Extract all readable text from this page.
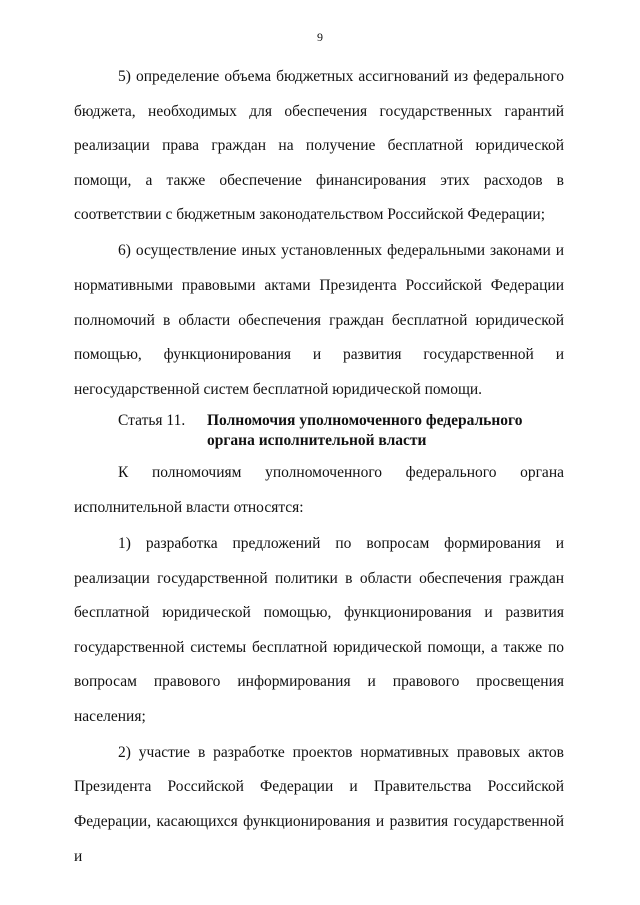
9

5) определение объема бюджетных ассигнований из федерального бюджета, необходимых для обеспечения государственных гарантий реализации права граждан на получение бесплатной юридической помощи, а также обеспечение финансирования этих расходов в соответствии с бюджетным законодательством Российской Федерации;

6) осуществление иных установленных федеральными законами и нормативными правовыми актами Президента Российской Федерации полномочий в области обеспечения граждан бесплатной юридической помощью, функционирования и развития государственной и негосударственной систем бесплатной юридической помощи.

Статья 11.	Полномочия уполномоченного федерального органа исполнительной власти

К полномочиям уполномоченного федерального органа исполнительной власти относятся:

1) разработка предложений по вопросам формирования и реализации государственной политики в области обеспечения граждан бесплатной юридической помощью, функционирования и развития государственной системы бесплатной юридической помощи, а также по вопросам правового информирования и правового просвещения населения;

2) участие в разработке проектов нормативных правовых актов Президента Российской Федерации и Правительства Российской Федерации, касающихся функционирования и развития государственной и
